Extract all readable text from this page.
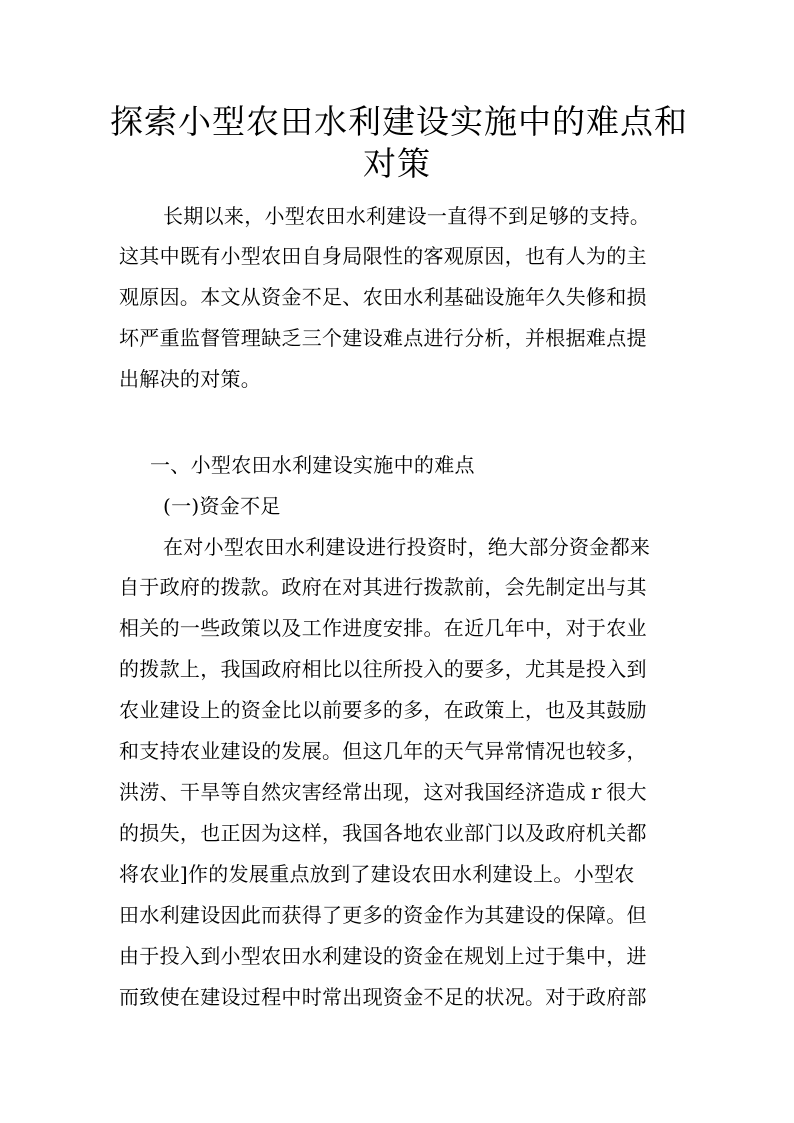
探索小型农田水利建设实施中的难点和
对策

长期以来，小型农田水利建设一直得不到足够的支持。

这其中既有小型农田自身局限性的客观原因，也有人为的主

观原因。本文从资金不足、农田水利基础设施年久失修和损

坏严重监督管理缺乏三个建设难点进行分析，并根据难点提

出解决的对策。

一、小型农田水利建设实施中的难点

(一)资金不足

在对小型农田水利建设进行投资时，绝大部分资金都来

自于政府的拨款。政府在对其进行拨款前，会先制定出与其

相关的一些政策以及工作进度安排。在近几年中，对于农业

的拨款上，我国政府相比以往所投入的要多，尤其是投入到

农业建设上的资金比以前要多的多，在政策上，也及其鼓励

和支持农业建设的发展。但这几年的天气异常情况也较多，

洪涝、干旱等自然灾害经常出现，这对我国经济造成ｒ很大

的损失，也正因为这样，我国各地农业部门以及政府机关都

将农业]作的发展重点放到了建设农田水利建设上。小型农

田水利建设因此而获得了更多的资金作为其建设的保障。但

由于投入到小型农田水利建设的资金在规划上过于集中，进

而致使在建设过程中时常出现资金不足的状况。对于政府部
